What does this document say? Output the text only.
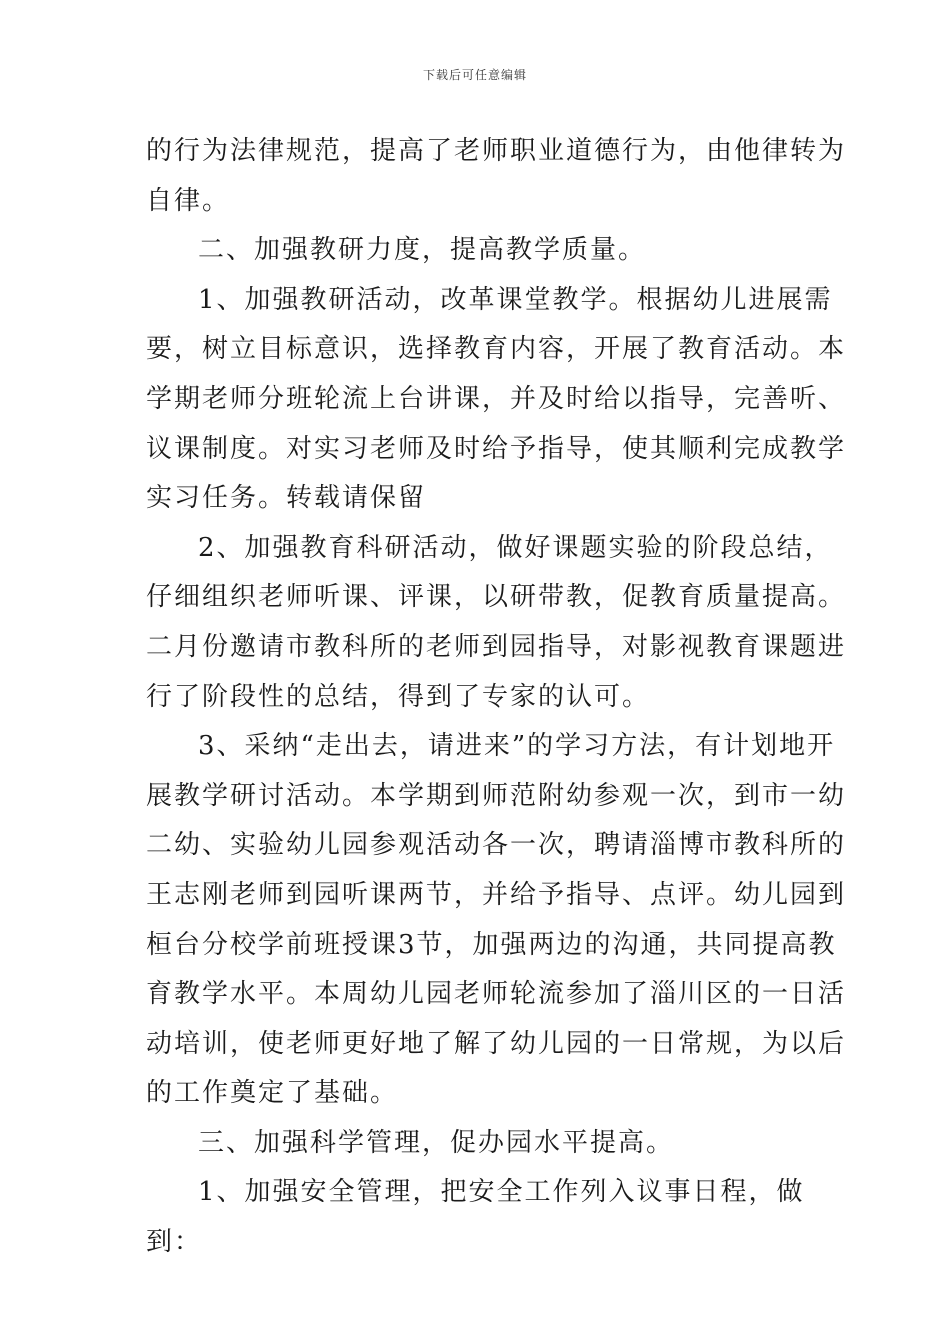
下载后可任意编辑

的行为法律规范，提高了老师职业道德行为，由他律转为自律。

二、加强教研力度，提高教学质量。

1、加强教研活动，改革课堂教学。根据幼儿进展需要，树立目标意识，选择教育内容，开展了教育活动。本学期老师分班轮流上台讲课，并及时给以指导，完善听、议课制度。对实习老师及时给予指导，使其顺利完成教学实习任务。转载请保留

2、加强教育科研活动，做好课题实验的阶段总结，仔细组织老师听课、评课，以研带教，促教育质量提高。二月份邀请市教科所的老师到园指导，对影视教育课题进行了阶段性的总结，得到了专家的认可。

3、采纳“走出去，请进来”的学习方法，有计划地开展教学研讨活动。本学期到师范附幼参观一次，到市一幼二幼、实验幼儿园参观活动各一次，聘请淄博市教科所的王志刚老师到园听课两节，并给予指导、点评。幼儿园到桓台分校学前班授课3节，加强两边的沟通，共同提高教育教学水平。本周幼儿园老师轮流参加了淄川区的一日活动培训，使老师更好地了解了幼儿园的一日常规，为以后的工作奠定了基础。

三、加强科学管理，促办园水平提高。

1、加强安全管理，把安全工作列入议事日程，做到：
